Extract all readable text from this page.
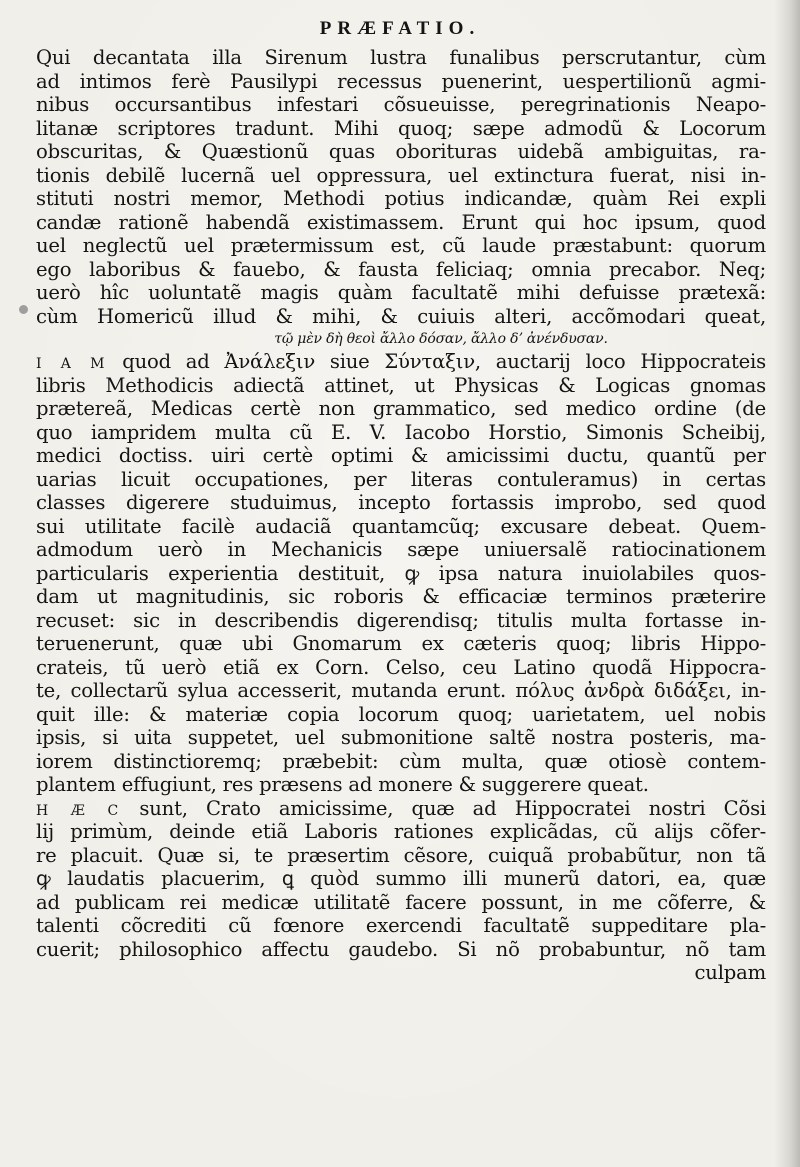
PRÆFATIO.
Qui decantata illa Sirenum lustra funalibus perscrutantur, cùm
ad intimos ferè Pausilypi recessus puenerint, uespertilionũ agmi-
nibus occursantibus infestari cõsueuisse, peregrinationis Neapo-
litanæ scriptores tradunt. Mihi quoq; sæpe admodũ & Locorum
obscuritas, & Quæstionũ quas oborituras uidebã ambiguitas, ra-
tionis debilẽ lucernã uel oppressura, uel extinctura fuerat, nisi in-
stituti nostri memor, Methodi potius indicandæ, quàm Rei expli
candæ rationẽ habendã existimassem. Erunt qui hoc ipsum, quod
uel neglectũ uel prætermissum est, cũ laude præstabunt: quorum
ego laboribus & fauebo, & fausta feliciaq; omnia precabor. Neq;
uerò hîc uoluntatẽ magis quàm facultatẽ mihi defuisse prætexã:
cùm Homericũ illud & mihi, & cuiuis alteri, accõmodari queat,
τῷ μὲν δὴ θεοὶ ἄλλο δόσαν, ἄλλο δʼ ἀνένδυσαν.
I A M quod ad Ἀνάλεξιν siue Σύνταξιν, auctarij loco Hippocrateis
libris Methodicis adiectã attinet, ut Physicas & Logicas gnomas
prætereã, Medicas certè non grammatico, sed medico ordine (de
quo iampridem multa cũ E. V. Iacobo Horstio, Simonis Scheibij,
medici doctiss. uiri certè optimi & amicissimi ductu, quantũ per
uarias licuit occupationes, per literas contuleramus) in certas
classes digerere studuimus, incepto fortassis improbo, sed quod
sui utilitate facilè audaciã quantamcũq; excusare debeat. Quem-
admodum uerò in Mechanicis sæpe uniuersalẽ ratiocinationem
particularis experientia destituit, ꝙ ipsa natura inuiolabiles quos-
dam ut magnitudinis, sic roboris & efficaciæ terminos præterire
recuset: sic in describendis digerendisq; titulis multa fortasse in-
teruenerunt, quæ ubi Gnomarum ex cæteris quoq; libris Hippo-
crateis, tũ uerò etiã ex Corn. Celso, ceu Latino quodã Hippocra-
te, collectarũ sylua accesserit, mutanda erunt. πόλυς ἀνδρὰ διδάξει, in-
quit ille: & materiæ copia locorum quoq; uarietatem, uel nobis
ipsis, si uita suppetet, uel submonitione saltẽ nostra posteris, ma-
iorem distinctioremq; præbebit: cùm multa, quæ otiosè contem-
plantem effugiunt, res præsens ad monere & suggerere queat.
H Æ C sunt, Crato amicissime, quæ ad Hippocratei nostri Cõsi
lij primùm, deinde etiã Laboris rationes explicãdas, cũ alijs cõfer-
re placuit. Quæ si, te præsertim cẽsore, cuiquã probabũtur, non tã
ꝙ laudatis placuerim, ꝗ quòd summo illi munerũ datori, ea, quæ
ad publicam rei medicæ utilitatẽ facere possunt, in me cõferre, &
talenti cõcrediti cũ fœnore exercendi facultatẽ suppeditare pla-
cuerit; philosophico affectu gaudebo. Si nõ probabuntur, nõ tam
culpam
